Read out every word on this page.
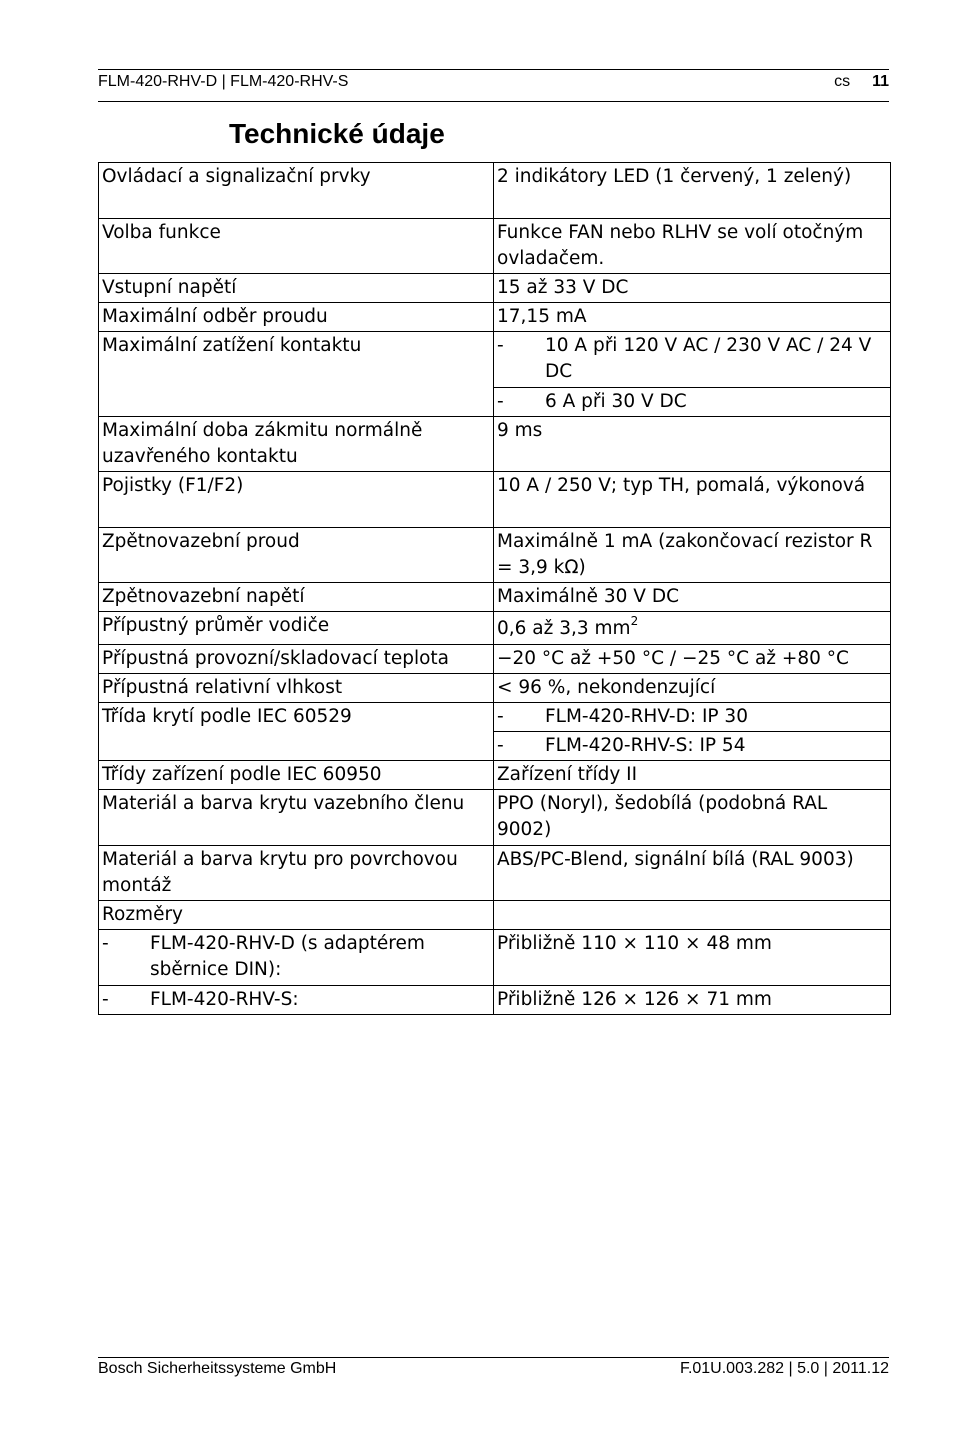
FLM-420-RHV-D | FLM-420-RHV-S	cs 11
Technické údaje
Ovládací a signalizační prvky	2 indikátory LED (1 červený, 1 zelený)
Volba funkce	Funkce FAN nebo RLHV se volí otočným ovladačem.
Vstupní napětí	15 až 33 V DC
Maximální odběr proudu	17,15 mA
Maximální zatížení kontaktu	- 10 A při 120 V AC / 230 V AC / 24 V DC

	- 6 A při 30 V DC

Maximální doba zákmitu normálně uzavřeného kontaktu	9 ms
Pojistky (F1/F2)	10 A / 250 V; typ TH, pomalá, výkonová
Zpětnovazební proud	Maximálně 1 mA (zakončovací rezistor R = 3,9 kΩ)
Zpětnovazební napětí	Maximálně 30 V DC
Přípustný průměr vodiče	0,6 až 3,3 $mm^2$
Přípustná provozní/skladovací teplota	−20 °C až +50 °C / −25 °C až +80 °C
Přípustná relativní vlhkost	< 96 %, nekondenzující
Třída krytí podle IEC 60529	- FLM-420-RHV-D: IP 30

	- FLM-420-RHV-S: IP 54

Třídy zařízení podle IEC 60950	Zařízení třídy II
Materiál a barva krytu vazebního členu	PPO (Noryl), šedobílá (podobná RAL 9002)
Materiál a barva krytu pro povrchovou montáž	ABS/PC-Blend, signální bílá (RAL 9003)
Rozměry	

- FLM-420-RHV-D (s adaptérem sběrnice DIN):	Přibližně 110 × 110 × 48 mm

- FLM-420-RHV-S:	Přibližně 126 × 126 × 71 mm
Bosch Sicherheitssysteme GmbH	F.01U.003.282 | 5.0 | 2011.12
